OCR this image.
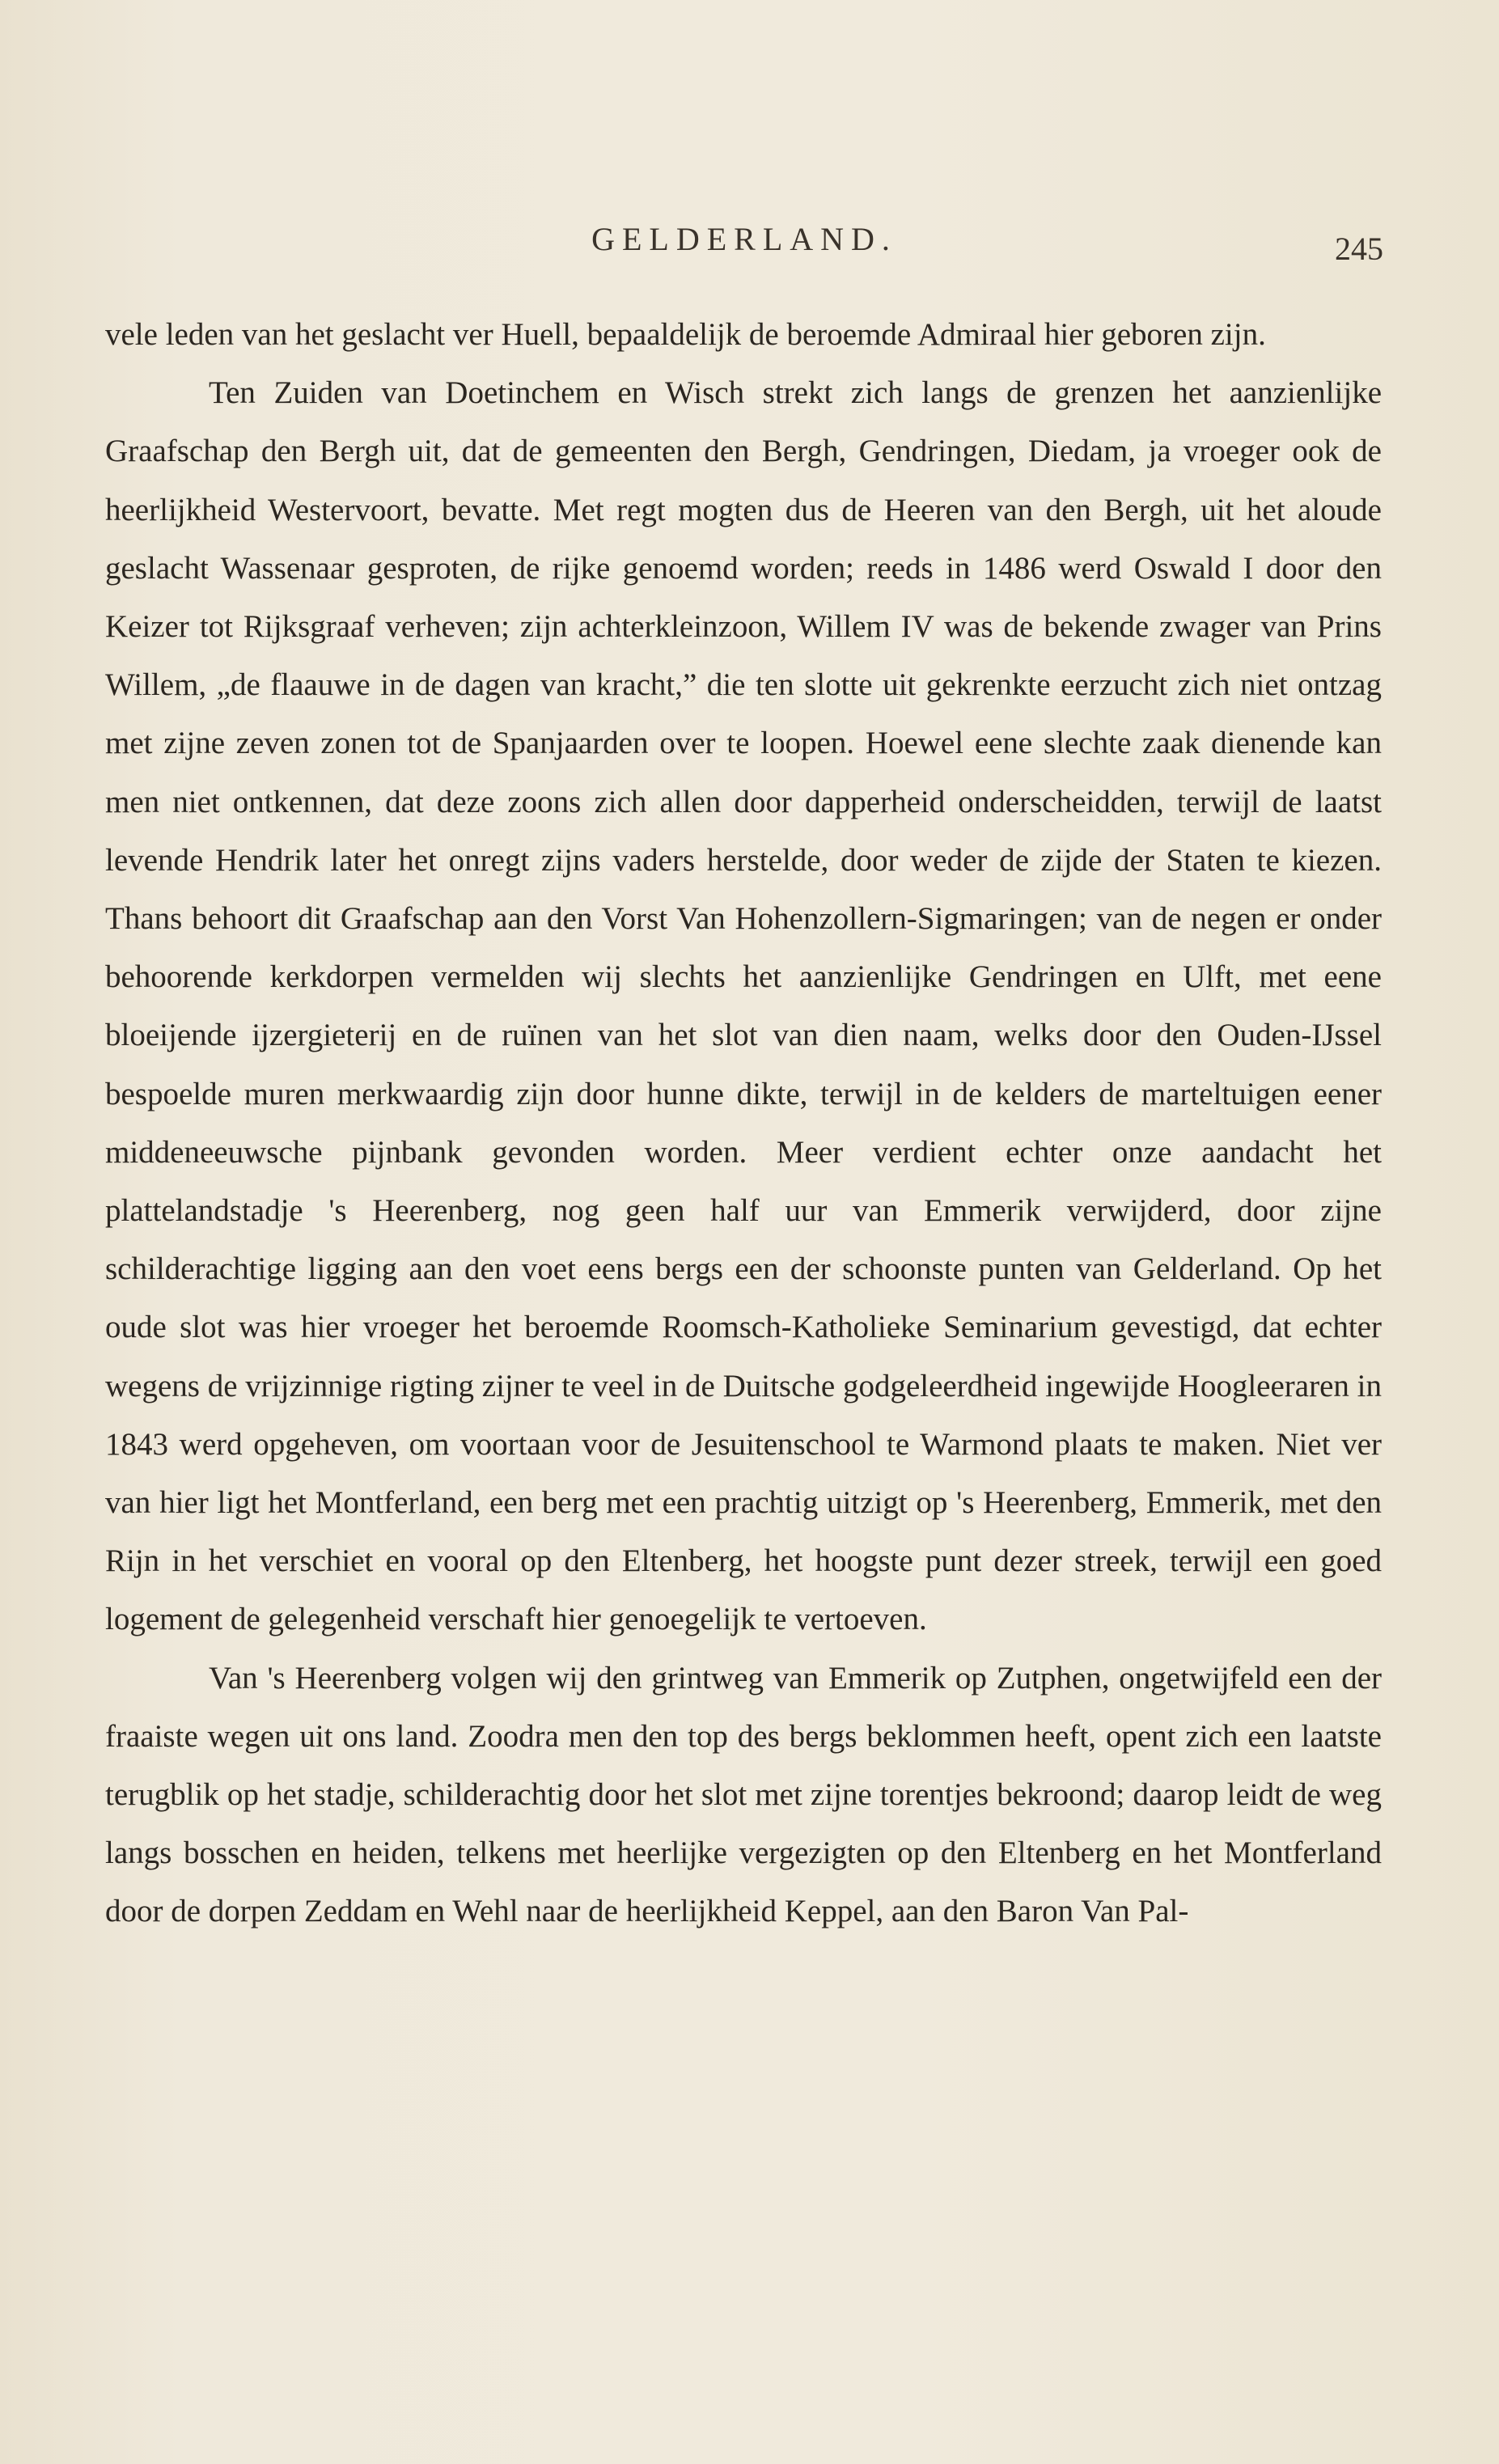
GELDERLAND.	245

vele leden van het geslacht ver Huell, bepaaldelijk de beroemde Admiraal hier geboren zijn.

Ten Zuiden van Doetinchem en Wisch strekt zich langs de grenzen het aanzienlijke Graafschap den Bergh uit, dat de gemeenten den Bergh, Gendringen, Diedam, ja vroeger ook de heerlijkheid Westervoort, bevatte. Met regt mogten dus de Heeren van den Bergh, uit het aloude geslacht Wassenaar gesproten, de rijke genoemd worden; reeds in 1486 werd Oswald I door den Keizer tot Rijksgraaf verheven; zijn achterkleinzoon, Willem IV was de bekende zwager van Prins Willem, „de flaauwe in de dagen van kracht,” die ten slotte uit gekrenkte eerzucht zich niet ontzag met zijne zeven zonen tot de Spanjaarden over te loopen. Hoewel eene slechte zaak dienende kan men niet ontkennen, dat deze zoons zich allen door dapperheid onderscheidden, terwijl de laatst levende Hendrik later het onregt zijns vaders herstelde, door weder de zijde der Staten te kiezen. Thans behoort dit Graafschap aan den Vorst Van Hohenzollern-Sigmaringen; van de negen er onder behoorende kerkdorpen vermelden wij slechts het aanzienlijke Gendringen en Ulft, met eene bloeijende ijzergieterij en de ruïnen van het slot van dien naam, welks door den Ouden-IJssel bespoelde muren merkwaardig zijn door hunne dikte, terwijl in de kelders de marteltuigen eener middeneeuwsche pijnbank gevonden worden. Meer verdient echter onze aandacht het plattelandstadje 's Heerenberg, nog geen half uur van Emmerik verwijderd, door zijne schilderachtige ligging aan den voet eens bergs een der schoonste punten van Gelderland. Op het oude slot was hier vroeger het beroemde Roomsch-Katholieke Seminarium gevestigd, dat echter wegens de vrijzinnige rigting zijner te veel in de Duitsche godgeleerdheid ingewijde Hoogleeraren in 1843 werd opgeheven, om voortaan voor de Jesuitenschool te Warmond plaats te maken. Niet ver van hier ligt het Montferland, een berg met een prachtig uitzigt op 's Heerenberg, Emmerik, met den Rijn in het verschiet en vooral op den Eltenberg, het hoogste punt dezer streek, terwijl een goed logement de gelegenheid verschaft hier genoegelijk te vertoeven.

Van 's Heerenberg volgen wij den grintweg van Emmerik op Zutphen, ongetwijfeld een der fraaiste wegen uit ons land. Zoodra men den top des bergs beklommen heeft, opent zich een laatste terugblik op het stadje, schilderachtig door het slot met zijne torentjes bekroond; daarop leidt de weg langs bosschen en heiden, telkens met heerlijke vergezigten op den Eltenberg en het Montferland door de dorpen Zeddam en Wehl naar de heerlijkheid Keppel, aan den Baron Van Pal-
